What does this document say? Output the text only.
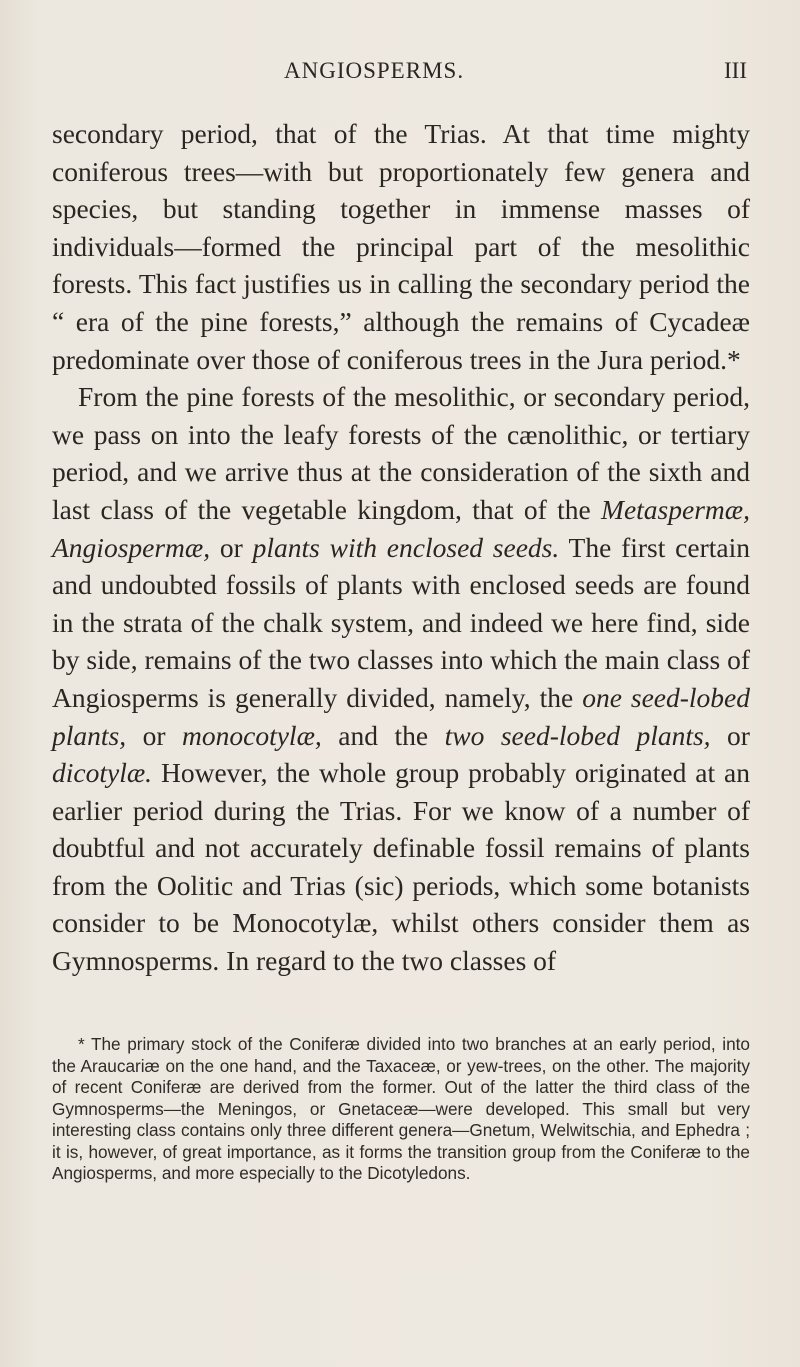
ANGIOSPERMS.	III

secondary period, that of the Trias. At that time mighty coniferous trees—with but proportionately few genera and species, but standing together in immense masses of individuals—formed the principal part of the mesolithic forests. This fact justifies us in calling the secondary period the “ era of the pine forests,” although the remains of Cycadeæ predominate over those of coniferous trees in the Jura period.*

From the pine forests of the mesolithic, or secondary period, we pass on into the leafy forests of the cænolithic, or tertiary period, and we arrive thus at the consideration of the sixth and last class of the vegetable kingdom, that of the Metaspermæ, Angiospermæ, or plants with enclosed seeds. The first certain and undoubted fossils of plants with enclosed seeds are found in the strata of the chalk system, and indeed we here find, side by side, remains of the two classes into which the main class of Angiosperms is generally divided, namely, the one seed-lobed plants, or monocotylæ, and the two seed-lobed plants, or dicotylæ. However, the whole group probably originated at an earlier period during the Trias. For we know of a number of doubtful and not accurately definable fossil remains of plants from the Oolitic and Trias (sic) periods, which some botanists consider to be Monocotylæ, whilst others consider them as Gymnosperms. In regard to the two classes of

* The primary stock of the Coniferæ divided into two branches at an early period, into the Araucariæ on the one hand, and the Taxaceæ, or yew-trees, on the other. The majority of recent Coniferæ are derived from the former. Out of the latter the third class of the Gymnosperms—the Meningos, or Gnetaceæ—were developed. This small but very interesting class contains only three different genera—Gnetum, Welwitschia, and Ephedra ; it is, however, of great importance, as it forms the transition group from the Coniferæ to the Angiosperms, and more especially to the Dicotyledons.
